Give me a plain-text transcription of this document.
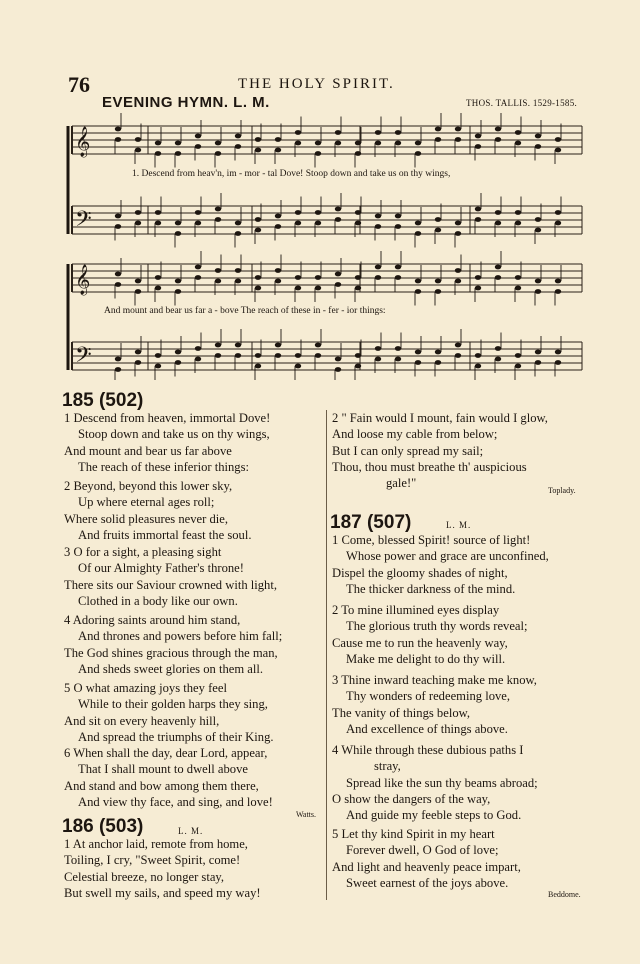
76	THE HOLY SPIRIT.
EVENING HYMN. L. M.	THOS. TALLIS. 1529-1585.
𝄞
𝄢
𝄞
𝄢
1. Descend from heav'n, im - mor - tal Dove! Stoop down and take us on thy wings,
And mount and bear us far a - bove The reach of these in - fer - ior things:
185 (502)
1 Descend from heaven, immortal Dove!
Stoop down and take us on thy wings,
And mount and bear us far above
The reach of these inferior things:
2 Beyond, beyond this lower sky,
Up where eternal ages roll;
Where solid pleasures never die,
And fruits immortal feast the soul.
3 O for a sight, a pleasing sight
Of our Almighty Father's throne!
There sits our Saviour crowned with light,
Clothed in a body like our own.
4 Adoring saints around him stand,
And thrones and powers before him fall;
The God shines gracious through the man,
And sheds sweet glories on them all.
5 O what amazing joys they feel
While to their golden harps they sing,
And sit on every heavenly hill,
And spread the triumphs of their King.
6 When shall the day, dear Lord, appear,
That I shall mount to dwell above
And stand and bow among them there,
And view thy face, and sing, and love!
Watts.
186 (503)	L. M.
1 At anchor laid, remote from home,
Toiling, I cry, "Sweet Spirit, come!
Celestial breeze, no longer stay,
But swell my sails, and speed my way!
2 " Fain would I mount, fain would I glow,
And loose my cable from below;
But I can only spread my sail;
Thou, thou must breathe th' auspicious
gale!"
Toplady.
187 (507)	L. M.
1 Come, blessed Spirit! source of light!
Whose power and grace are unconfined,
Dispel the gloomy shades of night,
The thicker darkness of the mind.
2 To mine illumined eyes display
The glorious truth thy words reveal;
Cause me to run the heavenly way,
Make me delight to do thy will.
3 Thine inward teaching make me know,
Thy wonders of redeeming love,
The vanity of things below,
And excellence of things above.
4 While through these dubious paths I
stray,
Spread like the sun thy beams abroad;
O show the dangers of the way,
And guide my feeble steps to God.
5 Let thy kind Spirit in my heart
Forever dwell, O God of love;
And light and heavenly peace impart,
Sweet earnest of the joys above.
Beddome.
